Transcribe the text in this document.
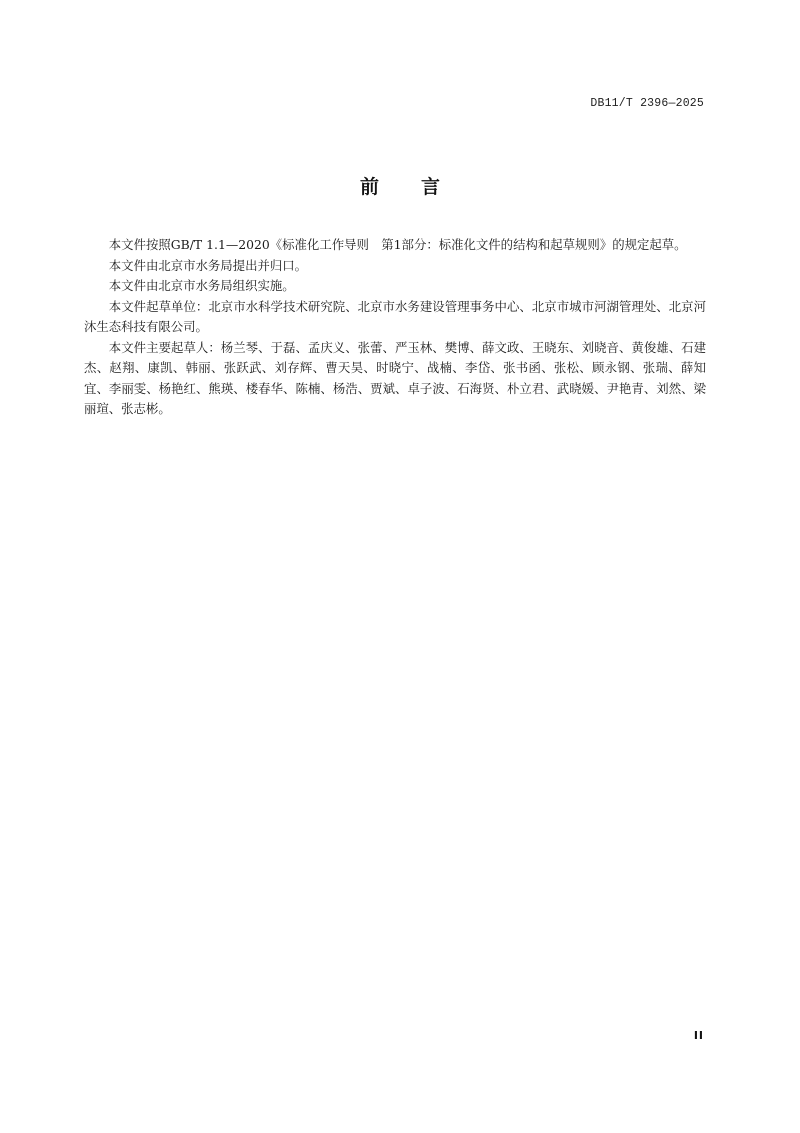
DB11/T 2396—2025
前 言

本文件按照GB/T 1.1—2020《标准化工作导则　第1部分：标准化文件的结构和起草规则》的规定起草。

本文件由北京市水务局提出并归口。

本文件由北京市水务局组织实施。

本文件起草单位：北京市水科学技术研究院、北京市水务建设管理事务中心、北京市城市河湖管理处、北京河沐生态科技有限公司。

本文件主要起草人：杨兰琴、于磊、孟庆义、张蕾、严玉林、樊博、薛文政、王晓东、刘晓音、黄俊雄、石建杰、赵翔、康凯、韩丽、张跃武、刘存辉、曹天昊、时晓宁、战楠、李岱、张书函、张松、顾永钢、张瑞、薛知宜、李丽雯、杨艳红、熊瑛、楼春华、陈楠、杨浩、贾斌、卓子波、石海贤、朴立君、武晓媛、尹艳青、刘然、梁丽瑄、张志彬。

II
